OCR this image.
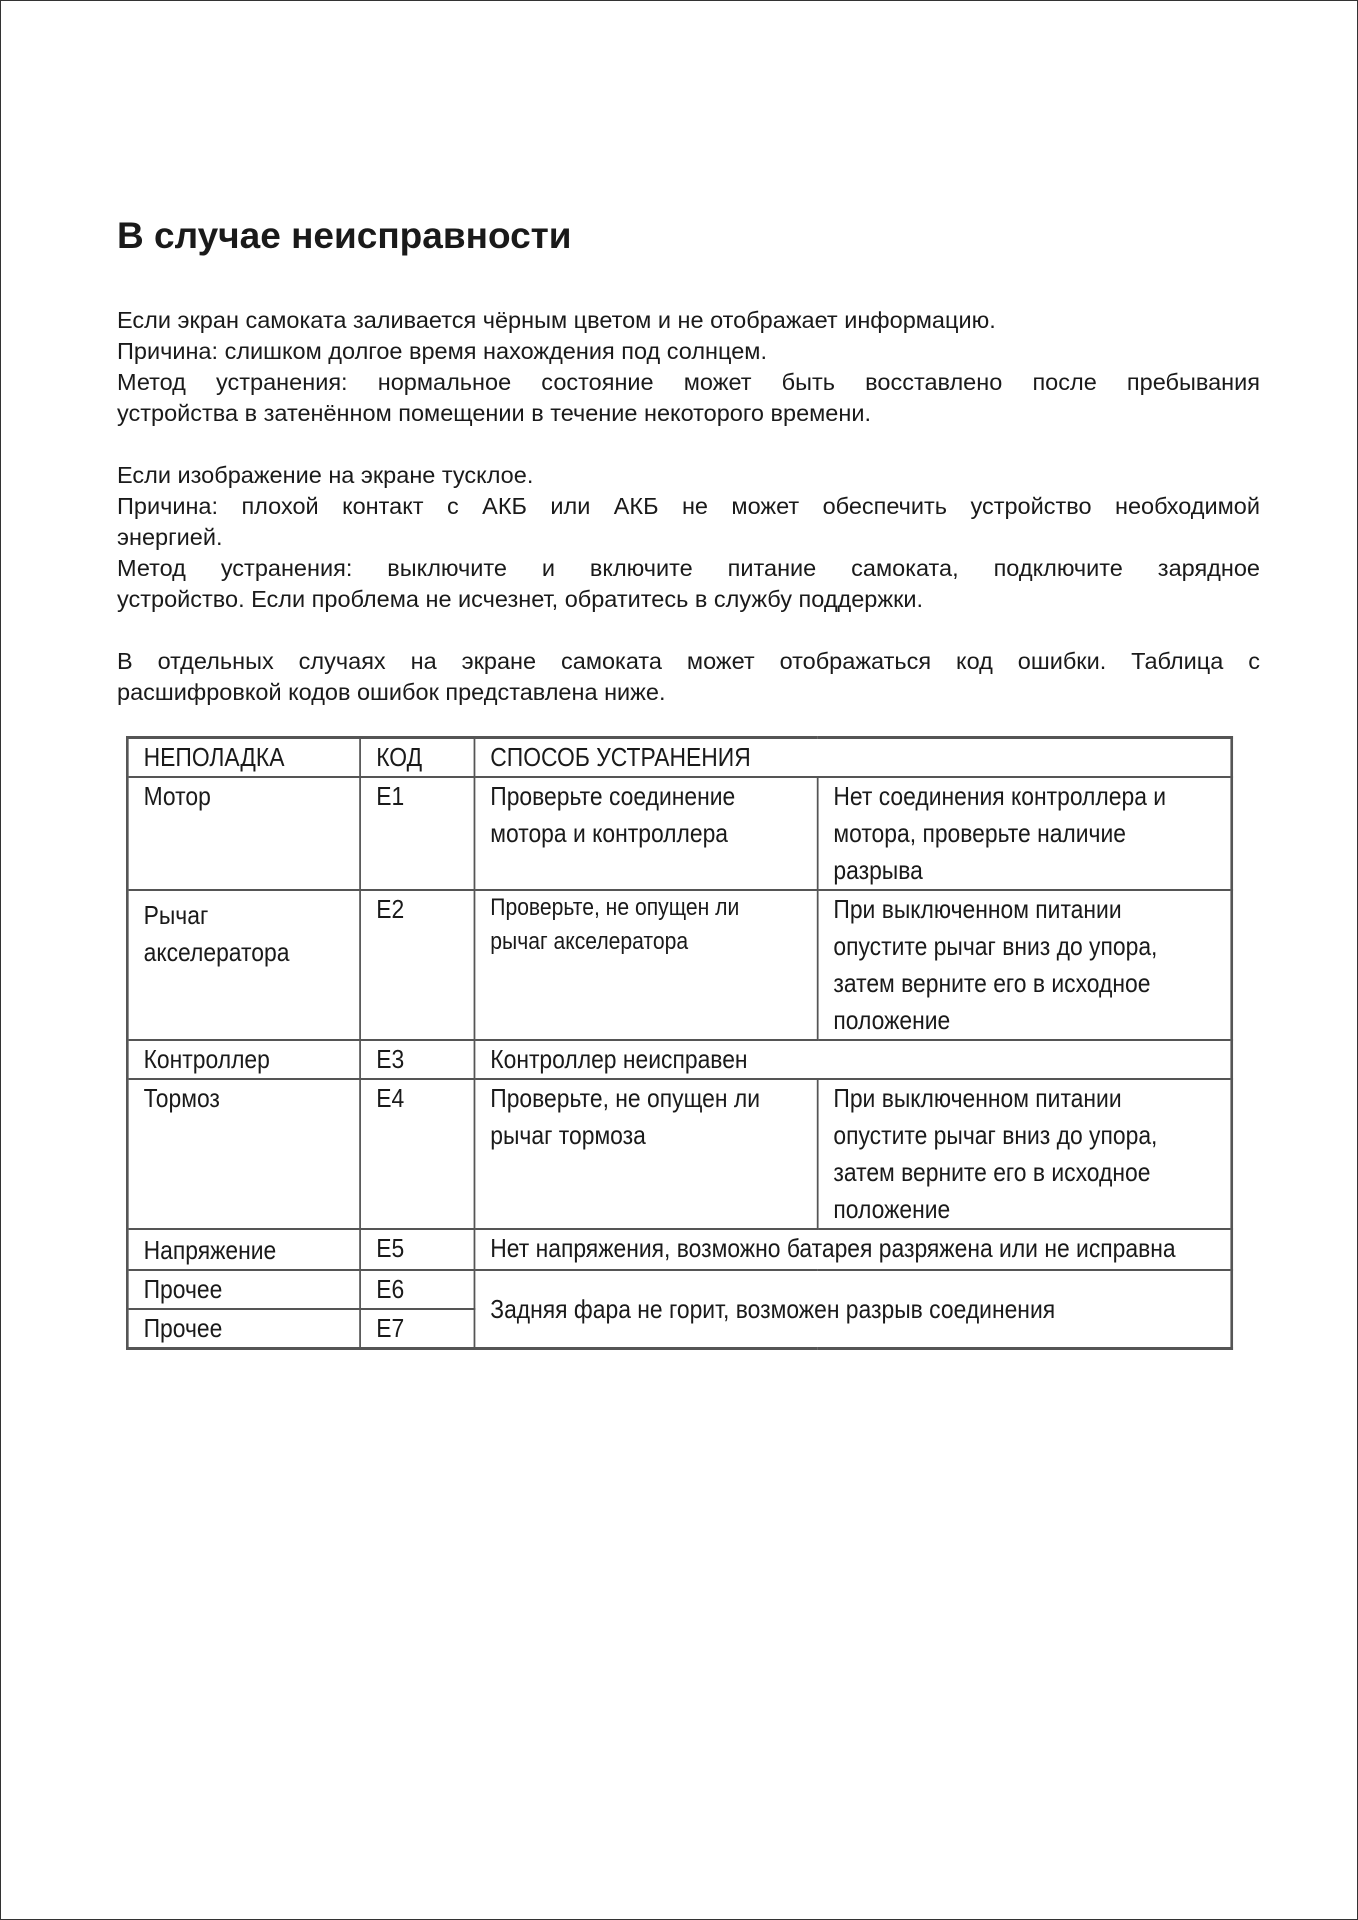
В случае неисправности

Если экран самоката заливается чёрным цветом и не отображает информацию.
Причина: слишком долгое время нахождения под солнцем.
Метод устранения: нормальное состояние может быть восставлено после пребывания
устройства в затенённом помещении в течение некоторого времени.

Если изображение на экране тусклое.
Причина: плохой контакт с АКБ или АКБ не может обеспечить устройство необходимой
энергией.
Метод устранения: выключите и включите питание самоката, подключите зарядное
устройство. Если проблема не исчезнет, обратитесь в службу поддержки.

В отдельных случаях на экране самоката может отображаться код ошибки. Таблица с
расшифровкой кодов ошибок представлена ниже.

НЕПОЛАДКА	КОД	СПОСОБ УСТРАНЕНИЯ	
Мотор	E1	Проверьте соединение мотора и контроллера	Нет соединения контроллера и мотора, проверьте наличие разрыва
Рычаг акселератора	E2	Проверьте, не опущен ли рычаг акселератора	При выключенном питании опустите рычаг вниз до упора, затем верните его в исходное положение
Контроллер	E3	Контроллер неисправен	
Тормоз	E4	Проверьте, не опущен ли рычаг тормоза	При выключенном питании опустите рычаг вниз до упора, затем верните его в исходное положение
Напряжение	E5	Нет напряжения, возможно батарея разряжена или не исправна	
Прочее	E6	Задняя фара не горит, возможен разрыв соединения	
Прочее	E7		
